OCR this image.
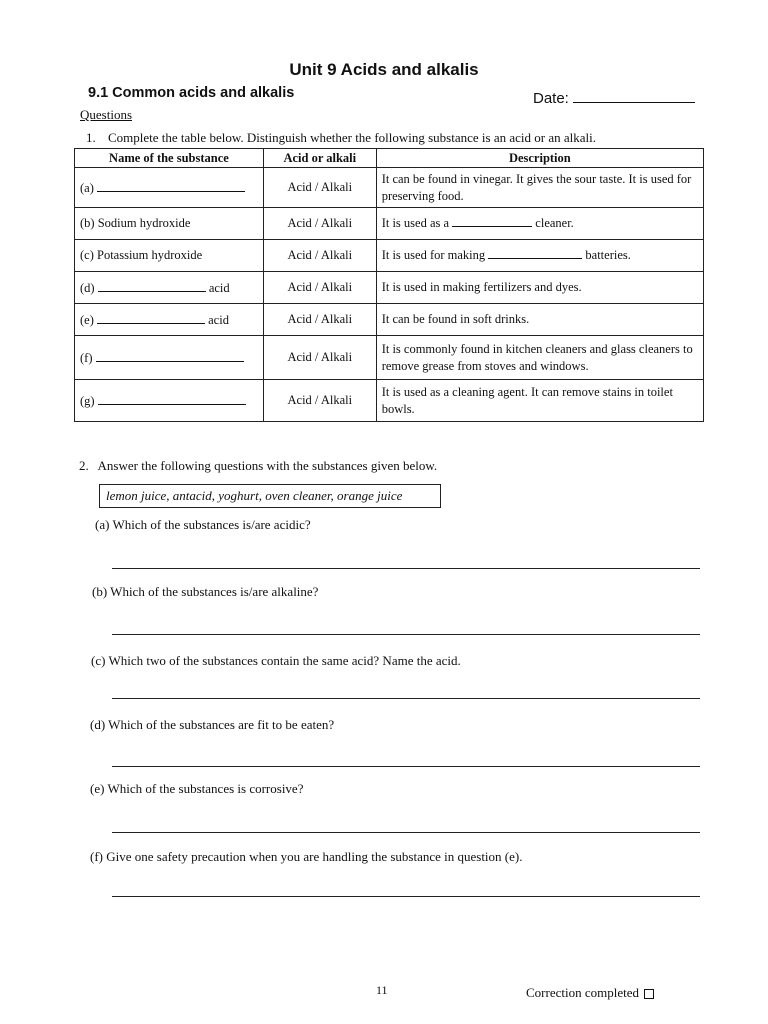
Unit 9 Acids and alkalis
9.1 Common acids and alkalis	Date:
Questions
1. Complete the table below. Distinguish whether the following substance is an acid or an alkali.
Name of the substance	Acid or alkali	Description
(a)	Acid / Alkali	It can be found in vinegar. It gives the sour taste. It is used for preserving food.
(b) Sodium hydroxide	Acid / Alkali	It is used as a cleaner.
(c) Potassium hydroxide	Acid / Alkali	It is used for making batteries.
(d) acid	Acid / Alkali	It is used in making fertilizers and dyes.
(e) acid	Acid / Alkali	It can be found in soft drinks.
(f)	Acid / Alkali	It is commonly found in kitchen cleaners and glass cleaners to remove grease from stoves and windows.
(g)	Acid / Alkali	It is used as a cleaning agent. It can remove stains in toilet bowls.
2. Answer the following questions with the substances given below.
lemon juice, antacid, yoghurt, oven cleaner, orange juice
(a) Which of the substances is/are acidic?
(b) Which of the substances is/are alkaline?
(c) Which two of the substances contain the same acid? Name the acid.
(d) Which of the substances are fit to be eaten?
(e) Which of the substances is corrosive?
(f) Give one safety precaution when you are handling the substance in question (e).
11	Correction completed
